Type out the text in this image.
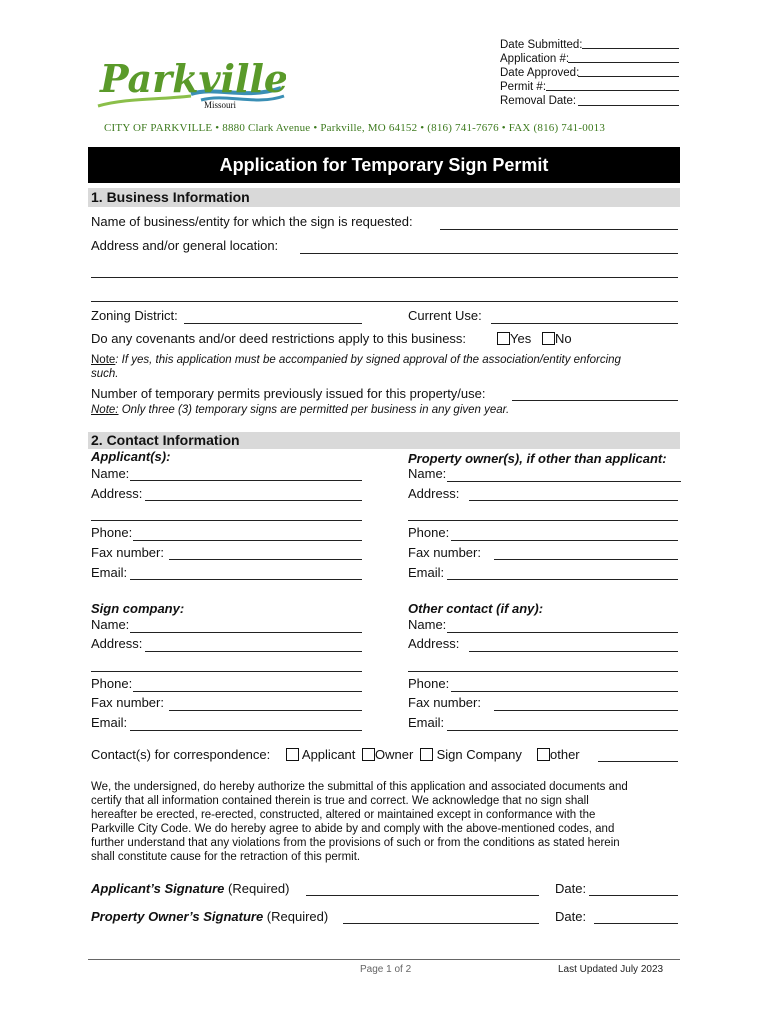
Parkville
Missouri
Date Submitted:
Application #:
Date Approved:
Permit #:
Removal Date:
CITY OF PARKVILLE • 8880 Clark Avenue • Parkville, MO 64152 • (816) 741-7676 • FAX (816) 741-0013
Application for Temporary Sign Permit
1. Business Information
Name of business/entity for which the sign is requested:
Address and/or general location:
Zoning District:	Current Use:
Do any covenants and/or deed restrictions apply to this business:	Yes	No
Note: If yes, this application must be accompanied by signed approval of the association/entity enforcing
such.
Number of temporary permits previously issued for this property/use:
Note: Only three (3) temporary signs are permitted per business in any given year.
2. Contact Information
Applicant(s):
Name:
Address:
Phone:
Fax number:
Email:
Property owner(s), if other than applicant:
Name:
Address:
Phone:
Fax number:
Email:
Sign company:
Name:
Address:
Phone:
Fax number:
Email:
Other contact (if any):
Name:
Address:
Phone:
Fax number:
Email:
Contact(s) for correspondence:	Applicant	Owner	Sign Company	other
We, the undersigned, do hereby authorize the submittal of this application and associated documents and
certify that all information contained therein is true and correct. We acknowledge that no sign shall
hereafter be erected, re-erected, constructed, altered or maintained except in conformance with the
Parkville City Code. We do hereby agree to abide by and comply with the above-mentioned codes, and
further understand that any violations from the provisions of such or from the conditions as stated herein
shall constitute cause for the retraction of this permit.
Applicant’s Signature (Required)	Date:
Property Owner’s Signature (Required)	Date:
Page 1 of 2	Last Updated July 2023
